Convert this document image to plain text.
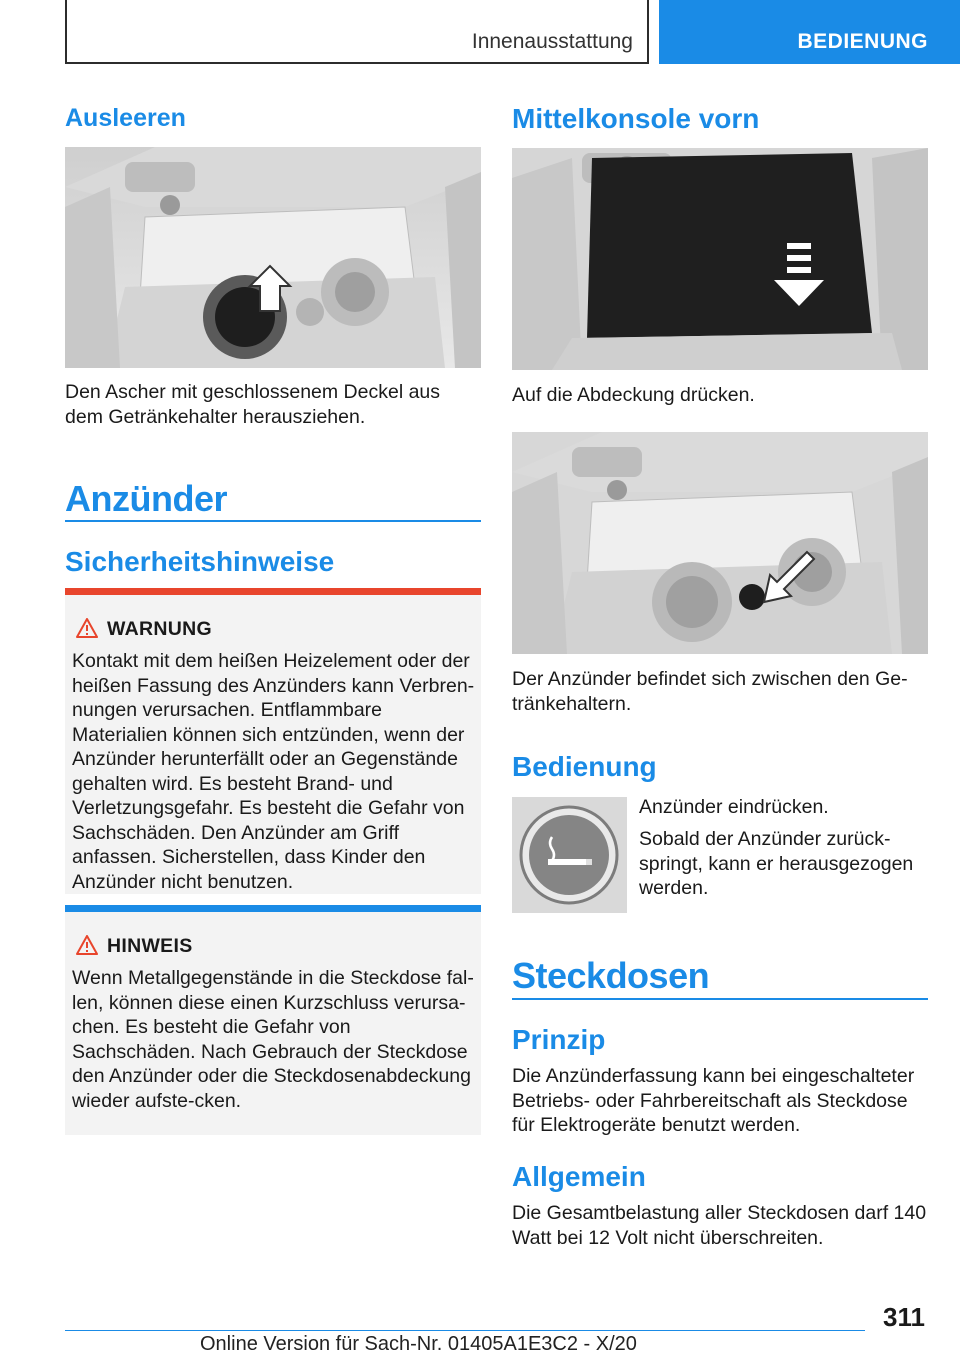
Innenausstattung	BEDIENUNG
Ausleeren
Den Ascher mit geschlossenem Deckel aus dem Getränkehalter herausziehen.
Anzünder
Sicherheitshinweise
WARNUNG
Kontakt mit dem heißen Heizelement oder der heißen Fassung des Anzünders kann Verbren-nungen verursachen. Entflammbare Materialien können sich entzünden, wenn der Anzünder herunterfällt oder an Gegenstände gehalten wird. Es besteht Brand- und Verletzungsgefahr. Es besteht die Gefahr von Sachschäden. Den Anzünder am Griff anfassen. Sicherstellen, dass Kinder den Anzünder nicht benutzen.
HINWEIS
Wenn Metallgegenstände in die Steckdose fal-len, können diese einen Kurzschluss verursa-chen. Es besteht die Gefahr von Sachschäden. Nach Gebrauch der Steckdose den Anzünder oder die Steckdosenabdeckung wieder aufste-cken.
Mittelkonsole vorn
Auf die Abdeckung drücken.
Der Anzünder befindet sich zwischen den Ge-tränkehaltern.
Bedienung
Anzünder eindrücken.
Sobald der Anzünder zurück-springt, kann er herausgezogen werden.
Steckdosen
Prinzip
Die Anzünderfassung kann bei eingeschalteter Betriebs- oder Fahrbereitschaft als Steckdose für Elektrogeräte benutzt werden.
Allgemein
Die Gesamtbelastung aller Steckdosen darf 140 Watt bei 12 Volt nicht überschreiten.
311
Online Version für Sach-Nr. 01405A1E3C2 - X/20
